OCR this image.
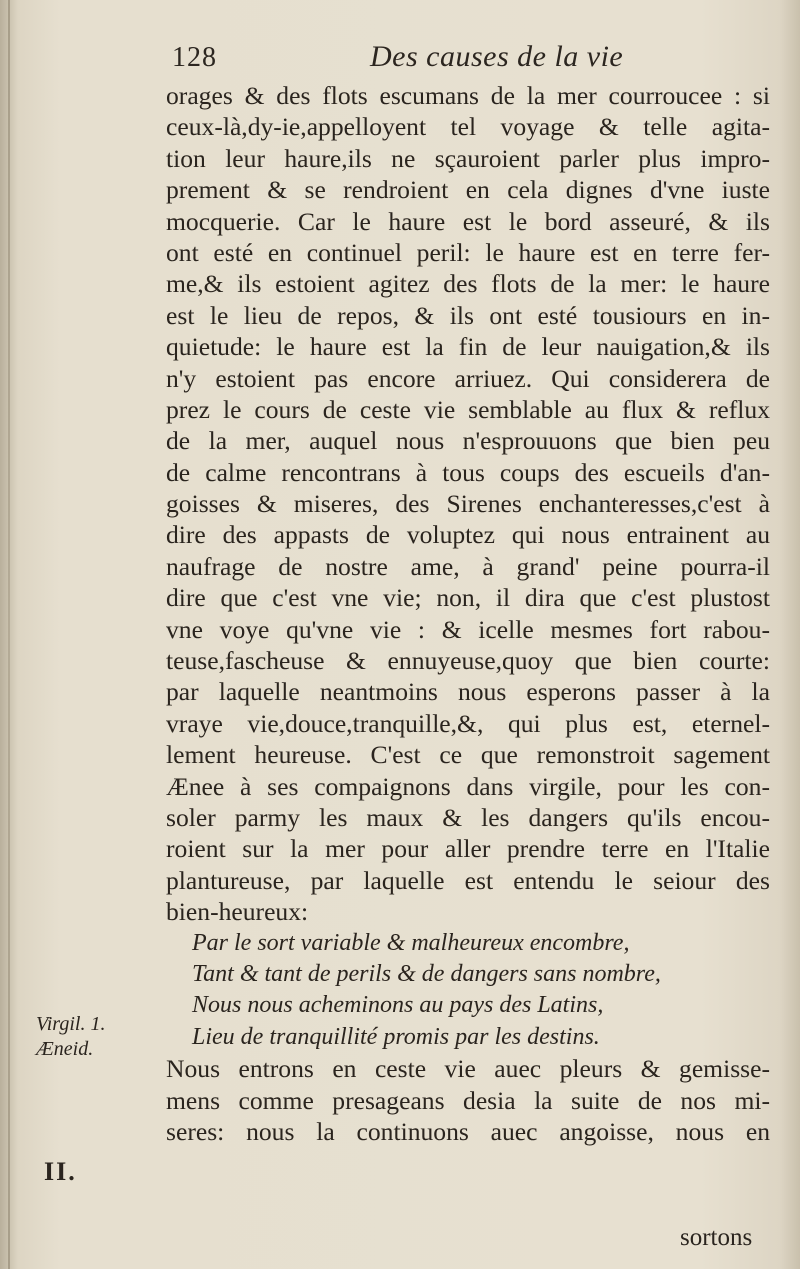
128	Des causes de la vie
orages & des flots escumans de la mer courroucee : si
ceux-là,dy-ie,appelloyent tel voyage & telle agita-
tion leur haure,ils ne sçauroient parler plus impro-
prement & se rendroient en cela dignes d'vne iuste
mocquerie. Car le haure est le bord asseuré, & ils
ont esté en continuel peril: le haure est en terre fer-
me,& ils estoient agitez des flots de la mer: le haure
est le lieu de repos, & ils ont esté tousiours en in-
quietude: le haure est la fin de leur nauigation,& ils
n'y estoient pas encore arriuez. Qui considerera de
prez le cours de ceste vie semblable au flux & reflux
de la mer, auquel nous n'esprouuons que bien peu
de calme rencontrans à tous coups des escueils d'an-
goisses & miseres, des Sirenes enchanteresses,c'est à
dire des appasts de voluptez qui nous entrainent au
naufrage de nostre ame, à grand' peine pourra-il
dire que c'est vne vie; non, il dira que c'est plustost
vne voye qu'vne vie : & icelle mesmes fort rabou-
teuse,fascheuse & ennuyeuse,quoy que bien courte:
par laquelle neantmoins nous esperons passer à la
vraye vie,douce,tranquille,&, qui plus est, eternel-
lement heureuse. C'est ce que remonstroit sagement
Ænee à ses compaignons dans virgile, pour les con-
soler parmy les maux & les dangers qu'ils encou-
roient sur la mer pour aller prendre terre en l'Italie
plantureuse, par laquelle est entendu le seiour des
bien-heureux:
Par le sort variable & malheureux encombre,
Tant & tant de perils & de dangers sans nombre,
Nous nous acheminons au pays des Latins,
Lieu de tranquillité promis par les destins.
Nous entrons en ceste vie auec pleurs & gemisse-
mens comme presageans desia la suite de nos mi-
seres: nous la continuons auec angoisse, nous en
Virgil. 1.
Æneid.
II.
sortons
